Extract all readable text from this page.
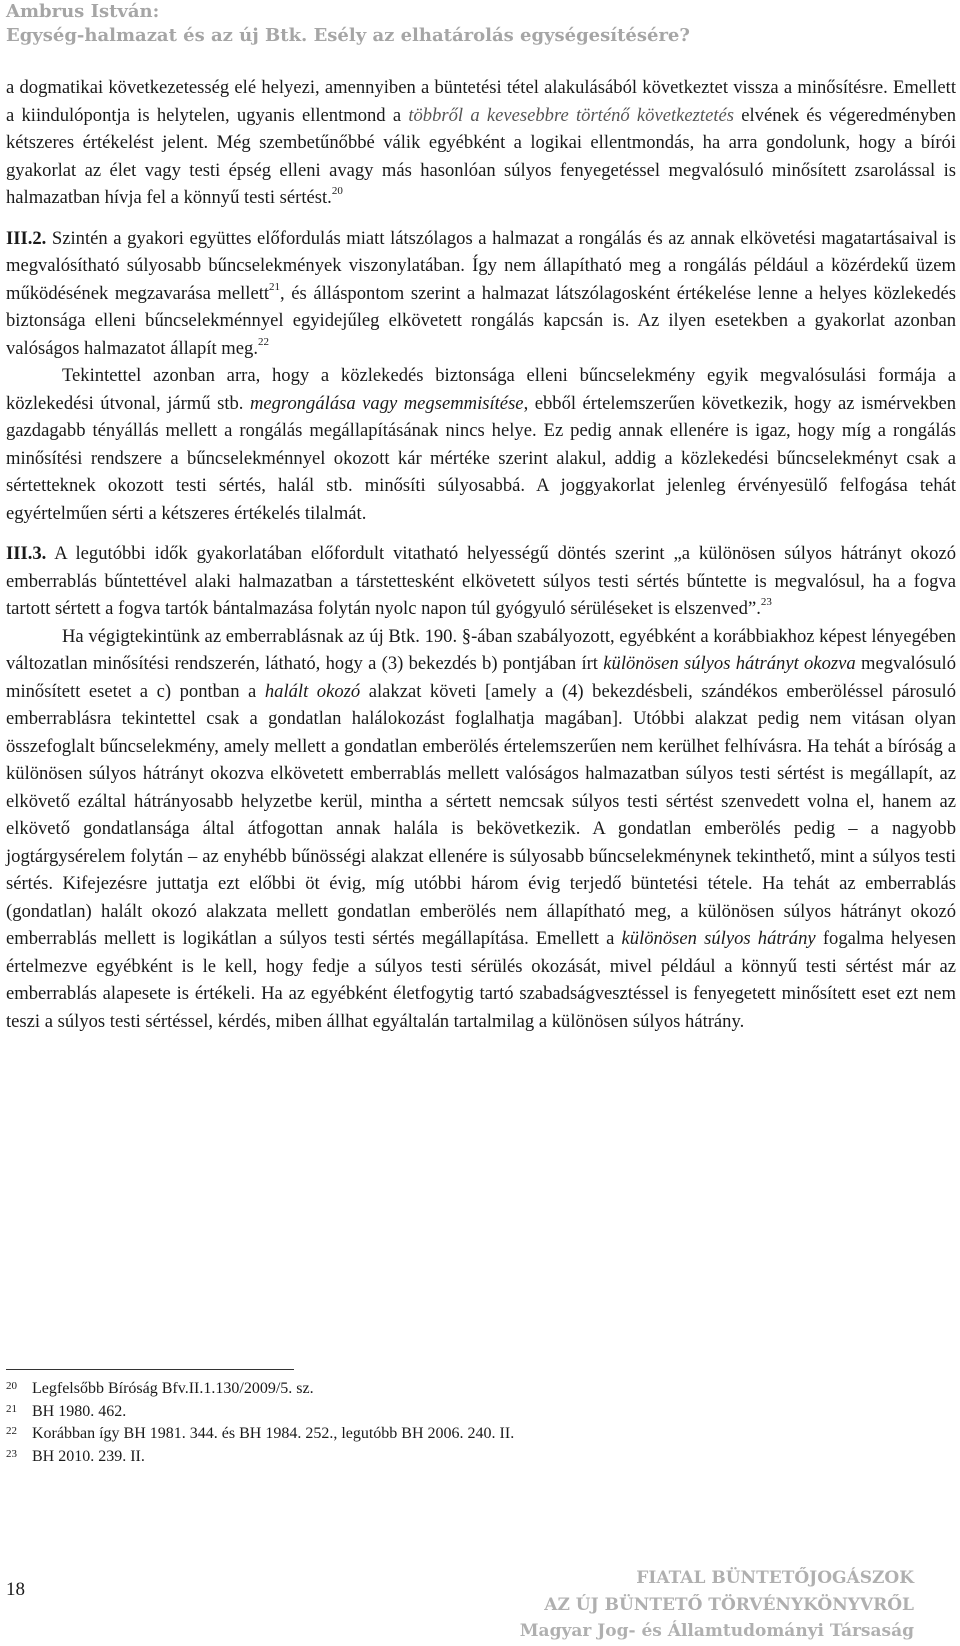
Ambrus István:
Egység-halmazat és az új Btk. Esély az elhatárolás egységesítésére?

a dogmatikai következetesség elé helyezi, amennyiben a büntetési tétel alakulásából következtet vissza a minősítésre. Emellett a kiindulópontja is helytelen, ugyanis ellentmond a többről a kevesebbre történő következtetés elvének és végeredményben kétszeres értékelést jelent. Még szembetűnőbbé válik egyébként a logikai ellentmondás, ha arra gondolunk, hogy a bírói gyakorlat az élet vagy testi épség elleni avagy más hasonlóan súlyos fenyegetéssel megvalósuló minősített zsarolással is halmazatban hívja fel a könnyű testi sértést.$^{20}$

III.2. Szintén a gyakori együttes előfordulás miatt látszólagos a halmazat a rongálás és az annak elkövetési magatartásaival is megvalósítható súlyosabb bűncselekmények viszonylatában. Így nem állapítható meg a rongálás például a közérdekű üzem működésének megzavarása mellett$^{21}$, és álláspontom szerint a halmazat látszólagosként értékelése lenne a helyes közlekedés biztonsága elleni bűncselekménnyel egyidejűleg elkövetett rongálás kapcsán is. Az ilyen esetekben a gyakorlat azonban valóságos halmazatot állapít meg.$^{22}$

Tekintettel azonban arra, hogy a közlekedés biztonsága elleni bűncselekmény egyik megvalósulási formája a közlekedési útvonal, jármű stb. megrongálása vagy megsemmisítése, ebből értelemszerűen következik, hogy az ismérvekben gazdagabb tényállás mellett a rongálás megállapításának nincs helye. Ez pedig annak ellenére is igaz, hogy míg a rongálás minősítési rendszere a bűncselekménnyel okozott kár mértéke szerint alakul, addig a közlekedési bűncselekményt csak a sértetteknek okozott testi sértés, halál stb. minősíti súlyosabbá. A joggyakorlat jelenleg érvényesülő felfogása tehát egyértelműen sérti a kétszeres értékelés tilalmát.

III.3. A legutóbbi idők gyakorlatában előfordult vitatható helyességű döntés szerint „a különösen súlyos hátrányt okozó emberrablás bűntettével alaki halmazatban a társtettesként elkövetett súlyos testi sértés bűntette is megvalósul, ha a fogva tartott sértett a fogva tartók bántalmazása folytán nyolc napon túl gyógyuló sérüléseket is elszenved”.$^{23}$

Ha végigtekintünk az emberrablásnak az új Btk. 190. §-ában szabályozott, egyébként a korábbiakhoz képest lényegében változatlan minősítési rendszerén, látható, hogy a (3) bekezdés b) pontjában írt különösen súlyos hátrányt okozva megvalósuló minősített esetet a c) pontban a halált okozó alakzat követi [amely a (4) bekezdésbeli, szándékos emberöléssel párosuló emberrablásra tekintettel csak a gondatlan halálokozást foglalhatja magában]. Utóbbi alakzat pedig nem vitásan olyan összefoglalt bűncselekmény, amely mellett a gondatlan emberölés értelemszerűen nem kerülhet felhívásra. Ha tehát a bíróság a különösen súlyos hátrányt okozva elkövetett emberrablás mellett valóságos halmazatban súlyos testi sértést is megállapít, az elkövető ezáltal hátrányosabb helyzetbe kerül, mintha a sértett nemcsak súlyos testi sértést szenvedett volna el, hanem az elkövető gondatlansága által átfogottan annak halála is bekövetkezik. A gondatlan emberölés pedig – a nagyobb jogtárgysérelem folytán – az enyhébb bűnösségi alakzat ellenére is súlyosabb bűncselekménynek tekinthető, mint a súlyos testi sértés. Kifejezésre juttatja ezt előbbi öt évig, míg utóbbi három évig terjedő büntetési tétele. Ha tehát az emberrablás (gondatlan) halált okozó alakzata mellett gondatlan emberölés nem állapítható meg, a különösen súlyos hátrányt okozó emberrablás mellett is logikátlan a súlyos testi sértés megállapítása. Emellett a különösen súlyos hátrány fogalma helyesen értelmezve egyébként is le kell, hogy fedje a súlyos testi sérülés okozását, mivel például a könnyű testi sértést már az emberrablás alapesete is értékeli. Ha az egyébként életfogytig tartó szabadságvesztéssel is fenyegetett minősített eset ezt nem teszi a súlyos testi sértéssel, kérdés, miben állhat egyáltalán tartalmilag a különösen súlyos hátrány.

20 Legfelsőbb Bíróság Bfv.II.1.130/2009/5. sz.
21 BH 1980. 462.
22 Korábban így BH 1981. 344. és BH 1984. 252., legutóbb BH 2006. 240. II.
23 BH 2010. 239. II.
18
FIATAL BÜNTETŐJOGÁSZOK
AZ ÚJ BÜNTETŐ TÖRVÉNYKÖNYVRŐL
Magyar Jog- és Államtudományi Társaság
